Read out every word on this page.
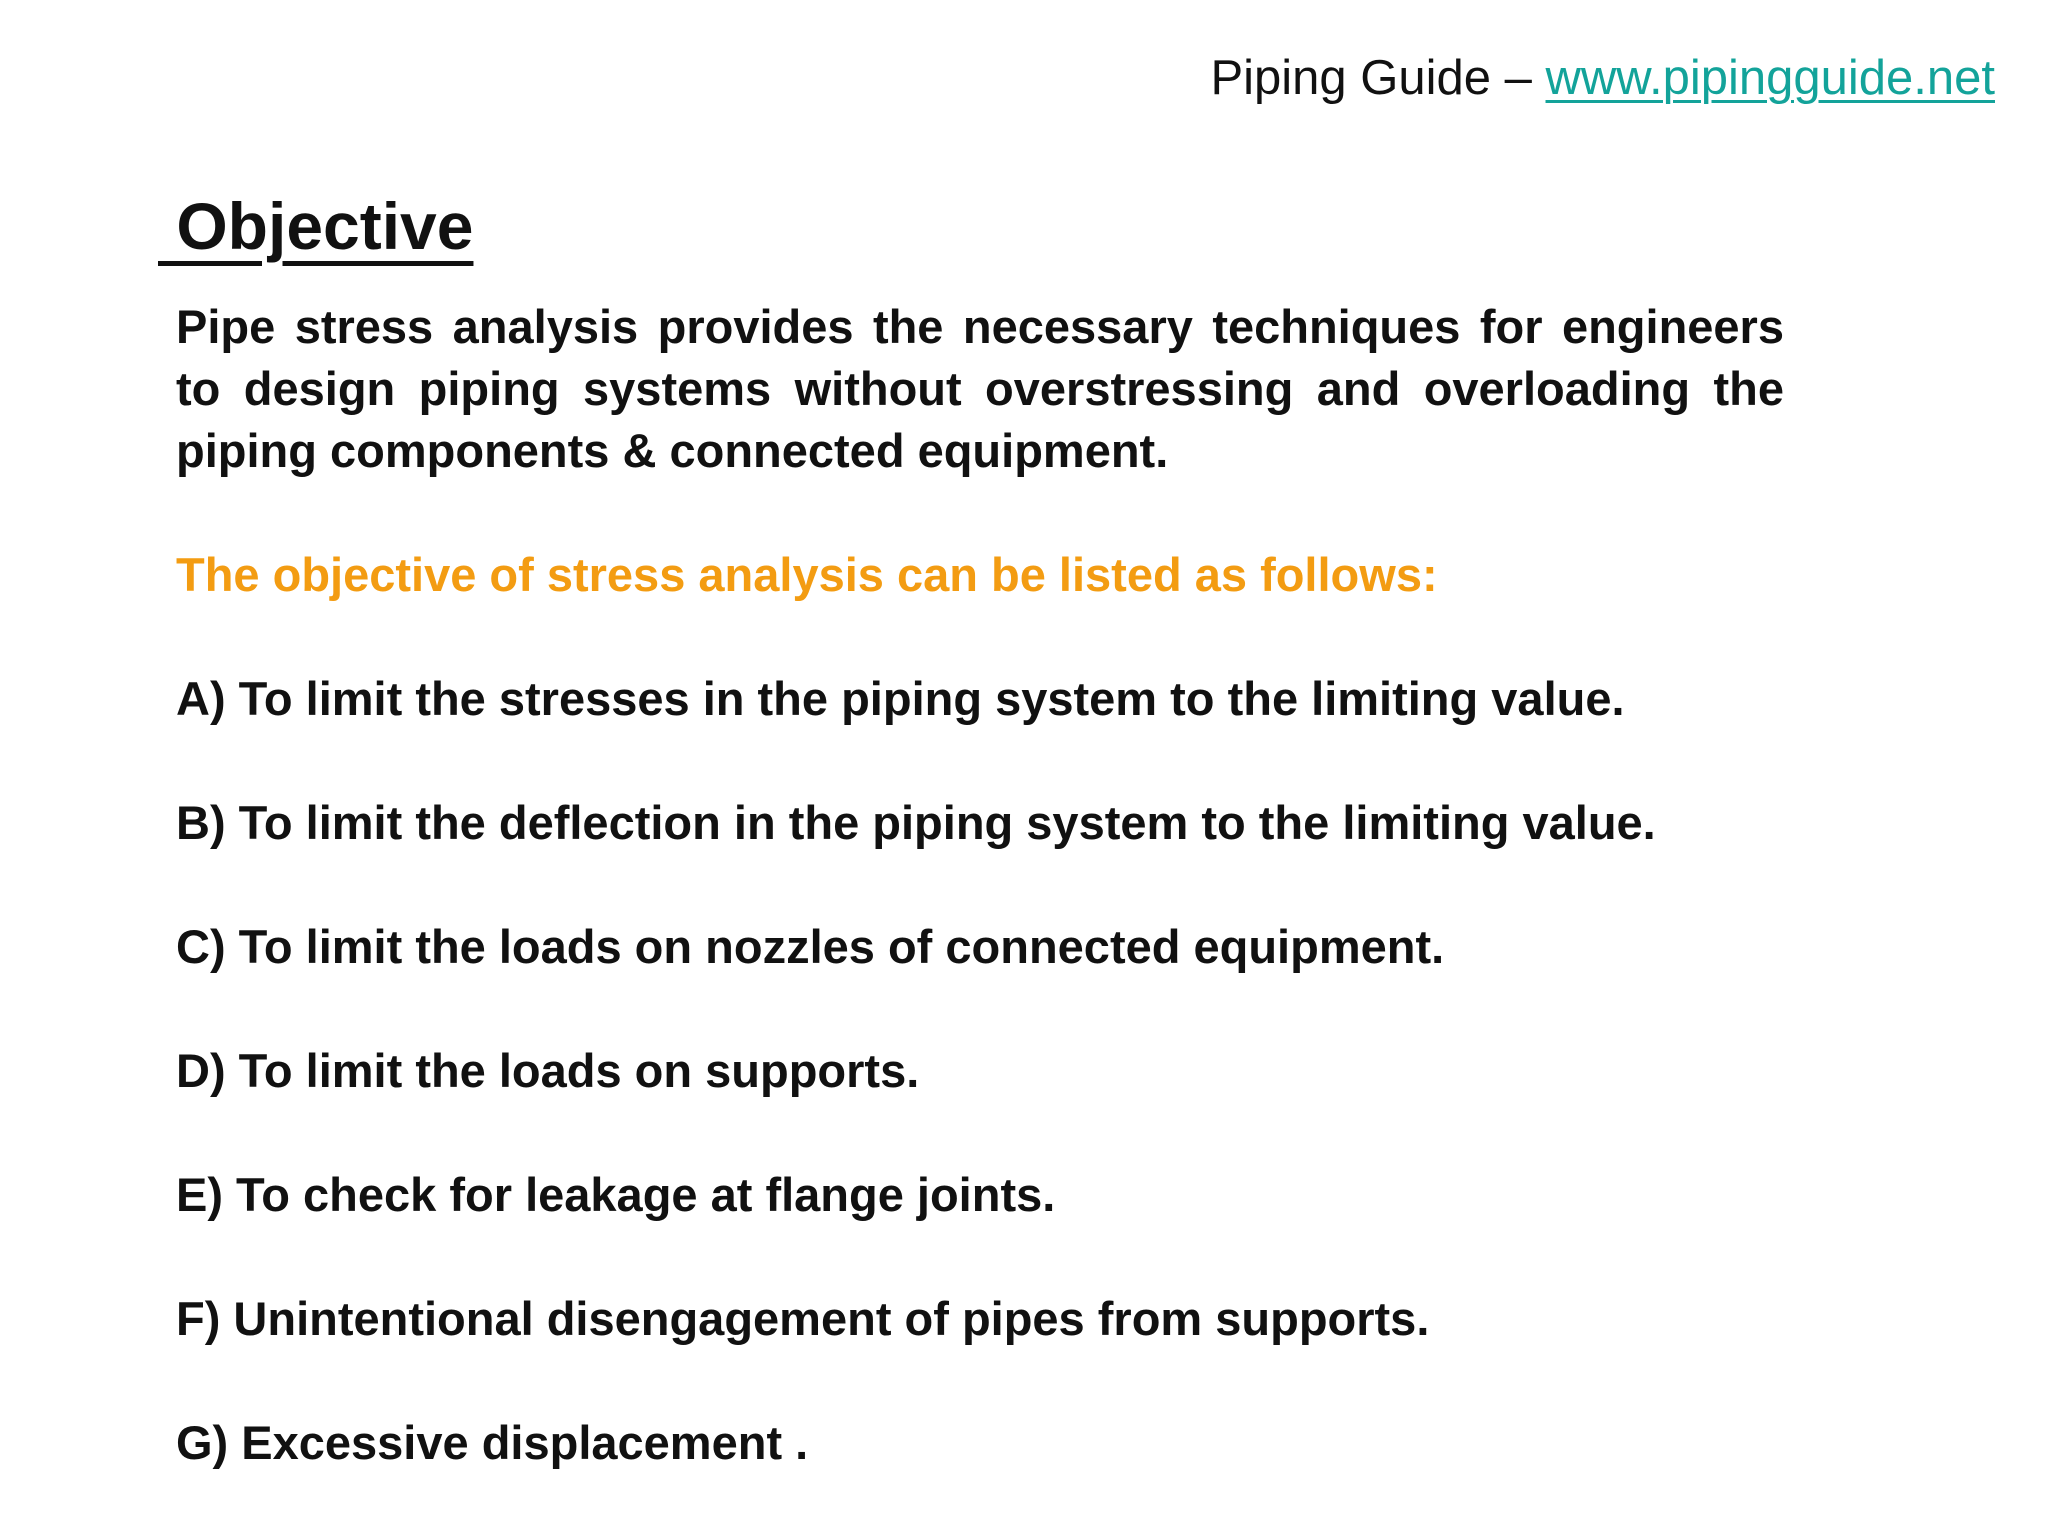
Piping Guide – www.pipingguide.net
Objective

Pipe stress analysis provides the necessary techniques for engineers to design piping systems without overstressing and overloading the piping components & connected equipment.

The objective of stress analysis can be listed as follows:

A) To limit the stresses in the piping system to the limiting value.
B) To limit the deflection in the piping system to the limiting value.
C) To limit the loads on nozzles of connected equipment.
D) To limit the loads on supports.
E) To check for leakage at flange joints.
F) Unintentional disengagement of pipes from supports.
G) Excessive displacement .
